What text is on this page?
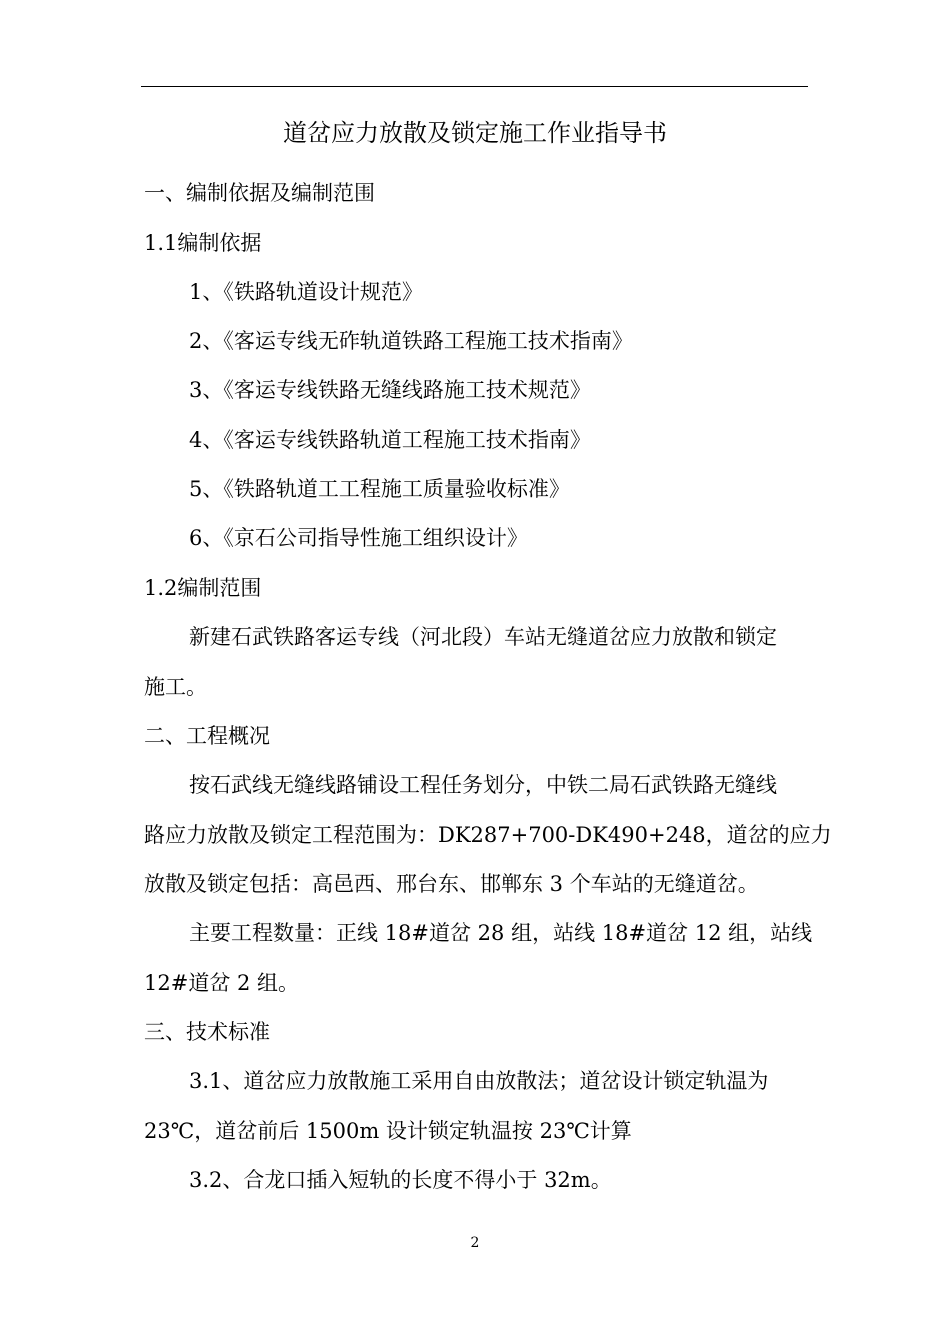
道岔应力放散及锁定施工作业指导书
一、编制依据及编制范围
1.1编制依据
1、《铁路轨道设计规范》
2、《客运专线无砟轨道铁路工程施工技术指南》
3、《客运专线铁路无缝线路施工技术规范》
4、《客运专线铁路轨道工程施工技术指南》
5、《铁路轨道工工程施工质量验收标准》
6、《京石公司指导性施工组织设计》
1.2编制范围
新建石武铁路客运专线（河北段）车站无缝道岔应力放散和锁定
施工。
二、工程概况
按石武线无缝线路铺设工程任务划分，中铁二局石武铁路无缝线
路应力放散及锁定工程范围为：DK287+700-DK490+248，道岔的应力
放散及锁定包括：高邑西、邢台东、邯郸东 3 个车站的无缝道岔。
主要工程数量：正线 18#道岔 28 组，站线 18#道岔 12 组，站线
12#道岔 2 组。
三、技术标准
3.1、道岔应力放散施工采用自由放散法；道岔设计锁定轨温为
23℃，道岔前后 1500m 设计锁定轨温按 23℃计算
3.2、合龙口插入短轨的长度不得小于 32m。
2
